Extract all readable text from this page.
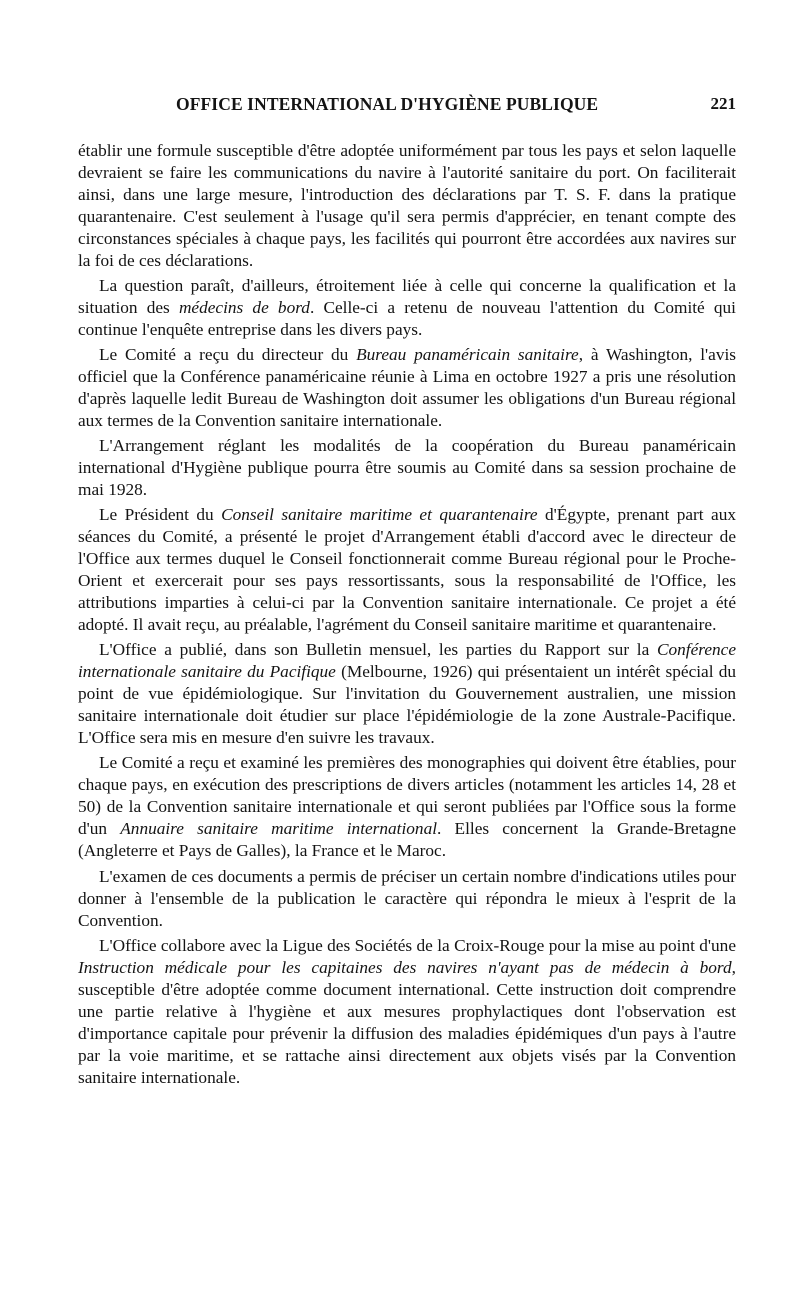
OFFICE INTERNATIONAL D'HYGIÈNE PUBLIQUE	221

établir une formule susceptible d'être adoptée uniformément par tous les pays et selon laquelle devraient se faire les communications du navire à l'autorité sanitaire du port. On faciliterait ainsi, dans une large mesure, l'introduction des déclarations par T. S. F. dans la pratique quarantenaire. C'est seulement à l'usage qu'il sera permis d'apprécier, en tenant compte des circonstances spéciales à chaque pays, les facilités qui pourront être accordées aux navires sur la foi de ces déclarations.

La question paraît, d'ailleurs, étroitement liée à celle qui concerne la qualification et la situation des médecins de bord. Celle-ci a retenu de nouveau l'attention du Comité qui continue l'enquête entreprise dans les divers pays.

Le Comité a reçu du directeur du Bureau panaméricain sanitaire, à Washington, l'avis officiel que la Conférence panaméricaine réunie à Lima en octobre 1927 a pris une résolution d'après laquelle ledit Bureau de Washington doit assumer les obligations d'un Bureau régional aux termes de la Convention sanitaire internationale.

L'Arrangement réglant les modalités de la coopération du Bureau panaméricain international d'Hygiène publique pourra être soumis au Comité dans sa session prochaine de mai 1928.

Le Président du Conseil sanitaire maritime et quarantenaire d'Égypte, prenant part aux séances du Comité, a présenté le projet d'Arrangement établi d'accord avec le directeur de l'Office aux termes duquel le Conseil fonctionnerait comme Bureau régional pour le Proche-Orient et exercerait pour ses pays ressortissants, sous la responsabilité de l'Office, les attributions imparties à celui-ci par la Convention sanitaire internationale. Ce projet a été adopté. Il avait reçu, au préalable, l'agrément du Conseil sanitaire maritime et quarantenaire.

L'Office a publié, dans son Bulletin mensuel, les parties du Rapport sur la Conférence internationale sanitaire du Pacifique (Melbourne, 1926) qui présentaient un intérêt spécial du point de vue épidémiologique. Sur l'invitation du Gouvernement australien, une mission sanitaire internationale doit étudier sur place l'épidémiologie de la zone Australe-Pacifique. L'Office sera mis en mesure d'en suivre les travaux.

Le Comité a reçu et examiné les premières des monographies qui doivent être établies, pour chaque pays, en exécution des prescriptions de divers articles (notamment les articles 14, 28 et 50) de la Convention sanitaire internationale et qui seront publiées par l'Office sous la forme d'un Annuaire sanitaire maritime international. Elles concernent la Grande-Bretagne (Angleterre et Pays de Galles), la France et le Maroc.

L'examen de ces documents a permis de préciser un certain nombre d'indications utiles pour donner à l'ensemble de la publication le caractère qui répondra le mieux à l'esprit de la Convention.

L'Office collabore avec la Ligue des Sociétés de la Croix-Rouge pour la mise au point d'une Instruction médicale pour les capitaines des navires n'ayant pas de médecin à bord, susceptible d'être adoptée comme document international. Cette instruction doit comprendre une partie relative à l'hygiène et aux mesures prophylactiques dont l'observation est d'importance capitale pour prévenir la diffusion des maladies épidémiques d'un pays à l'autre par la voie maritime, et se rattache ainsi directement aux objets visés par la Convention sanitaire internationale.
